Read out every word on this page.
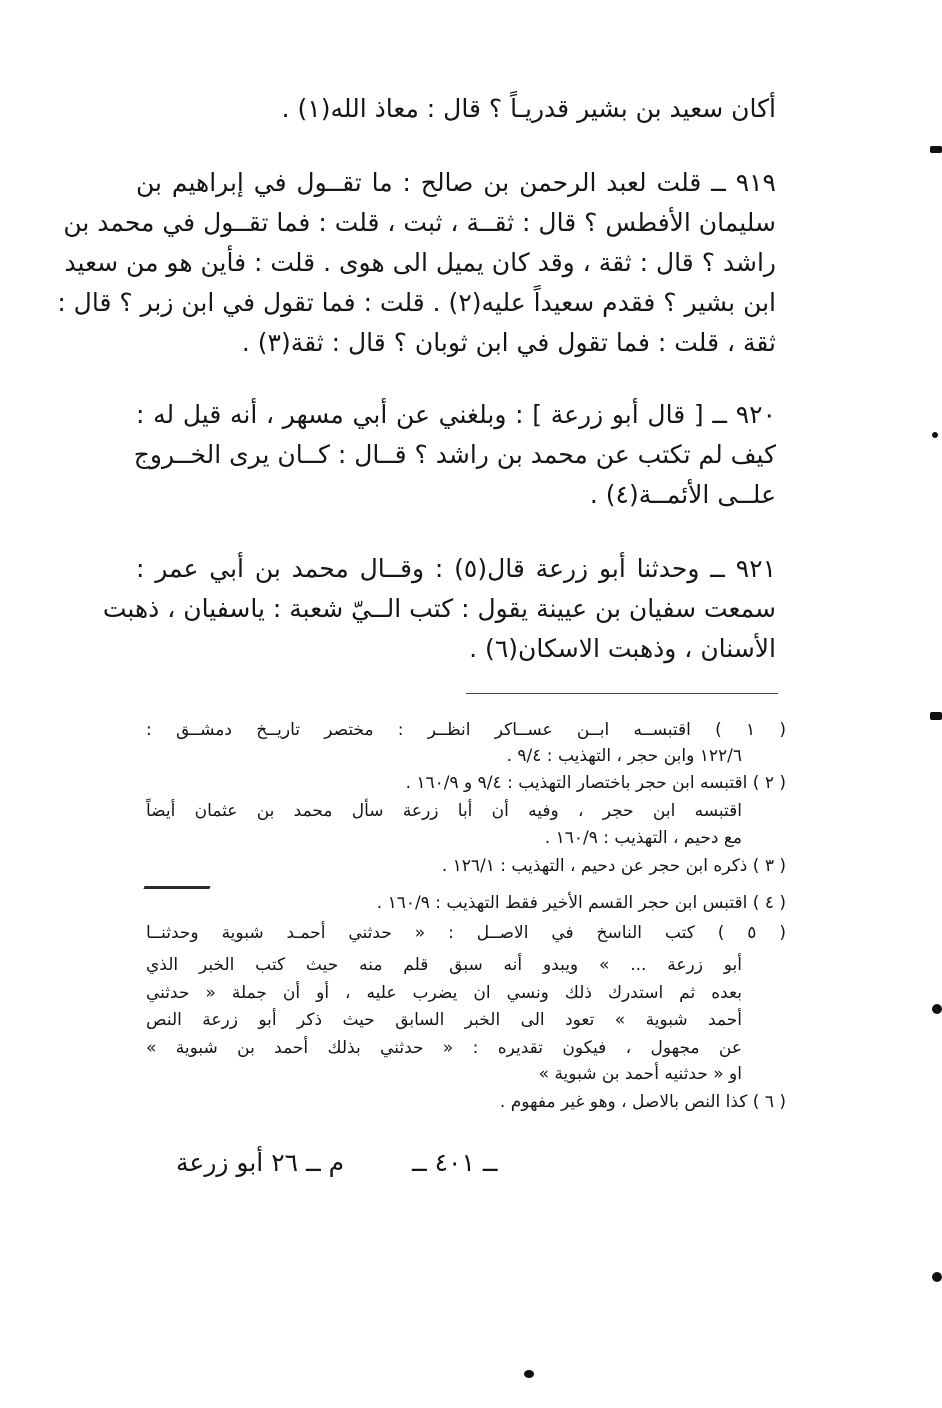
أكان سعيد بن بشير قدريـاً ؟ قال : معاذ الله(١) .
٩١٩ ــ قلت لعبد الرحمن بن صالح : ما تقــول في إبراهيم بن
سليمان الأفطس ؟ قال : ثقــة ، ثبت ، قلت : فما تقــول في محمد بن
راشد ؟ قال : ثقة ، وقد كان يميل الى هوى . قلت : فأين هو من سعيد
ابن بشير ؟ فقدم سعيداً عليه(٢) . قلت : فما تقول في ابن زبر ؟ قال :
ثقة ، قلت : فما تقول في ابن ثوبان ؟ قال : ثقة(٣) .
٩٢٠ ــ [ قال أبو زرعة ] : وبلغني عن أبي مسهر ، أنه قيل له :
كيف لم تكتب عن محمد بن راشد ؟ قــال : كــان يرى الخــروج
علــى الأئمــة(٤) .
٩٢١ ــ وحدثنا أبو زرعة قال(٥) : وقــال محمد بن أبي عمر :
سمعت سفيان بن عيينة يقول : كتب الــيّ شعبة : ياسفيان ، ذهبت
الأسنان ، وذهبت الاسكان(٦) .
( ١ ) اقتبســه ابــن عســاكر انظــر : مختصر تاريــخ دمشــق :
١٢٢/٦ وابن حجر ، التهذيب : ٩/٤ .
( ٢ ) اقتبسه ابن حجر باختصار التهذيب : ٩/٤ و ١٦٠/٩ .
اقتبسه ابن حجر ، وفيه أن أبا زرعة سأل محمد بن عثمان أيضاً
مع دحيم ، التهذيب : ١٦٠/٩ .
( ٣ ) ذكره ابن حجر عن دحيم ، التهذيب : ١٢٦/١ .
( ٤ ) اقتبس ابن حجر القسم الأخير فقط التهذيب : ١٦٠/٩ .
( ٥ ) كتب الناسخ في الاصــل : « حدثني أحمـد شبوية وحدثنــا
أبو زرعة ... » ويبدو أنه سبق قلم منه حيث كتب الخبر الذي
بعده ثم استدرك ذلك ونسي ان يضرب عليه ، أو أن جملة « حدثني
أحمد شبوية » تعود الى الخبر السابق حيث ذكر أبو زرعة النص
عن مجهول ، فيكون تقديره : « حدثني بذلك أحمد بن شبوية »
او « حدثنيه أحمد بن شبوية »
( ٦ ) كذا النص بالاصل ، وهو غير مفهوم .
م ــ ٢٦ أبو زرعة	ــ ٤٠١ ــ
